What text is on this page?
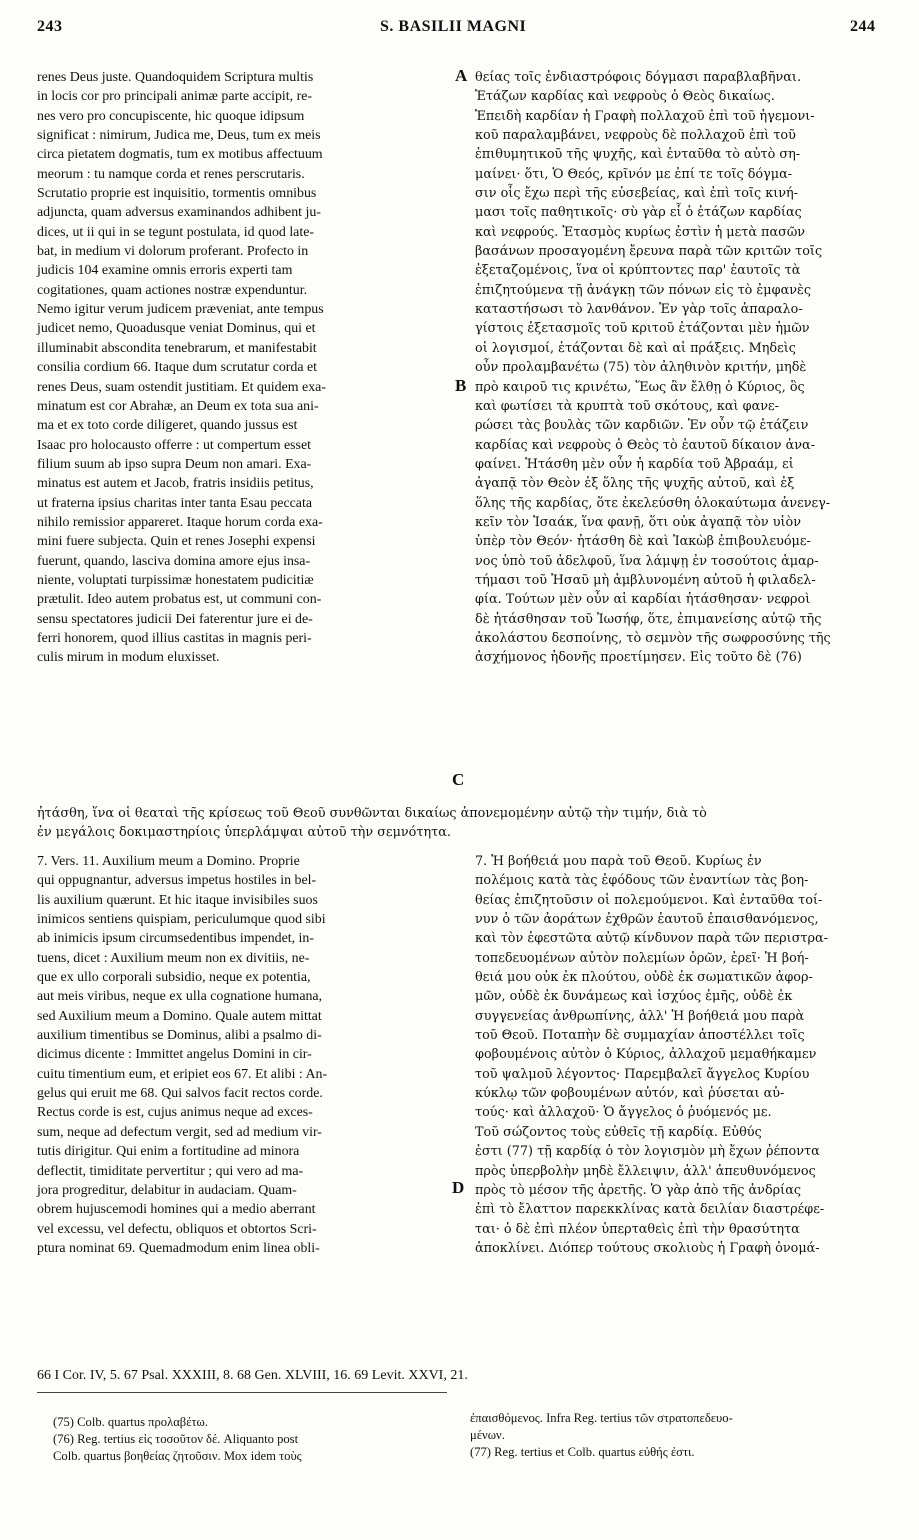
243	S. BASILII MAGNI	244
renes Deus juste. Quandoquidem Scriptura multis
in locis cor pro principali animæ parte accipit, re-
nes vero pro concupiscente, hic quoque idipsum
significat : nimirum, Judica me, Deus, tum ex meis
circa pietatem dogmatis, tum ex motibus affectuum
meorum : tu namque corda et renes perscrutaris.
Scrutatio proprie est inquisitio, tormentis omnibus
adjuncta, quam adversus examinandos adhibent ju-
dices, ut ii qui in se tegunt postulata, id quod late-
bat, in medium vi dolorum proferant. Profecto in
judicis 104 examine omnis erroris experti tam
cogitationes, quam actiones nostræ expenduntur.
Nemo igitur verum judicem præveniat, ante tempus
judicet nemo, Quoadusque veniat Dominus, qui et
illuminabit abscondita tenebrarum, et manifestabit
consilia cordium 66. Itaque dum scrutatur corda et
renes Deus, suam ostendit justitiam. Et quidem exa-
minatum est cor Abrahæ, an Deum ex tota sua ani-
ma et ex toto corde diligeret, quando jussus est
Isaac pro holocausto offerre : ut compertum esset
filium suum ab ipso supra Deum non amari. Exa-
minatus est autem et Jacob, fratris insidiis petitus,
ut fraterna ipsius charitas inter tanta Esau peccata
nihilo remissior appareret. Itaque horum corda exa-
mini fuere subjecta. Quin et renes Josephi expensi
fuerunt, quando, lasciva domina amore ejus insa-
niente, voluptati turpissimæ honestatem pudicitiæ
prætulit. Ideo autem probatus est, ut communi con-
sensu spectatores judicii Dei faterentur jure ei de-
ferri honorem, quod illius castitas in magnis peri-
culis mirum in modum eluxisset.
θείας τοῖς ἐνδιαστρόφοις δόγμασι παραβλαβῆναι.
Ἐτάζων καρδίας καὶ νεφροὺς ὁ Θεὸς δικαίως.
Ἐπειδὴ καρδίαν ἡ Γραφὴ πολλαχοῦ ἐπὶ τοῦ ἡγεμονι-
κοῦ παραλαμβάνει, νεφροὺς δὲ πολλαχοῦ ἐπὶ τοῦ
ἐπιθυμητικοῦ τῆς ψυχῆς, καὶ ἐνταῦθα τὸ αὐτὸ ση-
μαίνει· ὅτι, Ὁ Θεός, κρῖνόν με ἐπί τε τοῖς δόγμα-
σιν οἷς ἔχω περὶ τῆς εὐσεβείας, καὶ ἐπὶ τοῖς κινή-
μασι τοῖς παθητικοῖς· σὺ γὰρ εἶ ὁ ἐτάζων καρδίας
καὶ νεφρούς. Ἐτασμὸς κυρίως ἐστὶν ἡ μετὰ πασῶν
βασάνων προσαγομένη ἔρευνα παρὰ τῶν κριτῶν τοῖς
ἐξεταζομένοις, ἵνα οἱ κρύπτοντες παρ' ἑαυτοῖς τὰ
ἐπιζητούμενα τῇ ἀνάγκῃ τῶν πόνων εἰς τὸ ἐμφανὲς
καταστήσωσι τὸ λανθάνον. Ἐν γὰρ τοῖς ἀπαραλο-
γίστοις ἐξετασμοῖς τοῦ κριτοῦ ἐτάζονται μὲν ἡμῶν
οἱ λογισμοί, ἐτάζονται δὲ καὶ αἱ πράξεις. Μηδεὶς
οὖν προλαμβανέτω (75) τὸν ἀληθινὸν κριτήν, μηδὲ
πρὸ καιροῦ τις κρινέτω, Ἕως ἂν ἔλθῃ ὁ Κύριος, ὃς
καὶ φωτίσει τὰ κρυπτὰ τοῦ σκότους, καὶ φανε-
ρώσει τὰς βουλὰς τῶν καρδιῶν. Ἐν οὖν τῷ ἐτάζειν
καρδίας καὶ νεφροὺς ὁ Θεὸς τὸ ἑαυτοῦ δίκαιον ἀνα-
φαίνει. Ἠτάσθη μὲν οὖν ἡ καρδία τοῦ Ἀβραάμ, εἰ
ἀγαπᾷ τὸν Θεὸν ἐξ ὅλης τῆς ψυχῆς αὐτοῦ, καὶ ἐξ
ὅλης τῆς καρδίας, ὅτε ἐκελεύσθη ὁλοκαύτωμα ἀνενεγ-
κεῖν τὸν Ἰσαάκ, ἵνα φανῇ, ὅτι οὐκ ἀγαπᾷ τὸν υἱὸν
ὑπὲρ τὸν Θεόν· ἠτάσθη δὲ καὶ Ἰακὼβ ἐπιβουλευόμε-
νος ὑπὸ τοῦ ἀδελφοῦ, ἵνα λάμψῃ ἐν τοσούτοις ἁμαρ-
τήμασι τοῦ Ἠσαῦ μὴ ἀμβλυνομένη αὐτοῦ ἡ φιλαδελ-
φία. Τούτων μὲν οὖν αἱ καρδίαι ἠτάσθησαν· νεφροὶ
δὲ ἠτάσθησαν τοῦ Ἰωσήφ, ὅτε, ἐπιμανείσης αὐτῷ τῆς
ἀκολάστου δεσποίνης, τὸ σεμνὸν τῆς σωφροσύνης τῆς
ἀσχήμονος ἡδονῆς προετίμησεν. Εἰς τοῦτο δὲ (76)
ἠτάσθη, ἵνα οἱ θεαταὶ τῆς κρίσεως τοῦ Θεοῦ συνθῶνται δικαίως ἀπονεμομένην αὐτῷ τὴν τιμήν, διὰ τὸ
ἐν μεγάλοις δοκιμαστηρίοις ὑπερλάμψαι αὐτοῦ τὴν σεμνότητα.
7. Vers. 11. Auxilium meum a Domino. Proprie
qui oppugnantur, adversus impetus hostiles in bel-
lis auxilium quærunt. Et hic itaque invisibiles suos
inimicos sentiens quispiam, periculumque quod sibi
ab inimicis ipsum circumsedentibus impendet, in-
tuens, dicet : Auxilium meum non ex divitiis, ne-
que ex ullo corporali subsidio, neque ex potentia,
aut meis viribus, neque ex ulla cognatione humana,
sed Auxilium meum a Domino. Quale autem mittat
auxilium timentibus se Dominus, alibi a psalmo di-
dicimus dicente : Immittet angelus Domini in cir-
cuitu timentium eum, et eripiet eos 67. Et alibi : An-
gelus qui eruit me 68. Qui salvos facit rectos corde.
Rectus corde is est, cujus animus neque ad exces-
sum, neque ad defectum vergit, sed ad medium vir-
tutis dirigitur. Qui enim a fortitudine ad minora
deflectit, timiditate pervertitur ; qui vero ad ma-
jora progreditur, delabitur in audaciam. Quam-
obrem hujuscemodi homines qui a medio aberrant
vel excessu, vel defectu, obliquos et obtortos Scri-
ptura nominat 69. Quemadmodum enim linea obli-
7. Ἡ βοήθειά μου παρὰ τοῦ Θεοῦ. Κυρίως ἐν
πολέμοις κατὰ τὰς ἐφόδους τῶν ἐναντίων τὰς βοη-
θείας ἐπιζητοῦσιν οἱ πολεμούμενοι. Καὶ ἐνταῦθα τοί-
νυν ὁ τῶν ἀοράτων ἐχθρῶν ἑαυτοῦ ἐπαισθανόμενος,
καὶ τὸν ἐφεστῶτα αὐτῷ κίνδυνον παρὰ τῶν περιστρα-
τοπεδευομένων αὐτὸν πολεμίων ὁρῶν, ἐρεῖ· Ἡ βοή-
θειά μου οὐκ ἐκ πλούτου, οὐδὲ ἐκ σωματικῶν ἀφορ-
μῶν, οὐδὲ ἐκ δυνάμεως καὶ ἰσχύος ἐμῆς, οὐδὲ ἐκ
συγγενείας ἀνθρωπίνης, ἀλλ' Ἡ βοήθειά μου παρὰ
τοῦ Θεοῦ. Ποταπὴν δὲ συμμαχίαν ἀποστέλλει τοῖς
φοβουμένοις αὐτὸν ὁ Κύριος, ἀλλαχοῦ μεμαθήκαμεν
τοῦ ψαλμοῦ λέγοντος· Παρεμβαλεῖ ἄγγελος Κυρίου
κύκλῳ τῶν φοβουμένων αὐτόν, καὶ ῥύσεται αὐ-
τούς· καὶ ἀλλαχοῦ· Ὁ ἄγγελος ὁ ῥυόμενός με.
Τοῦ σώζοντος τοὺς εὐθεῖς τῇ καρδίᾳ. Εὐθύς
ἐστι (77) τῇ καρδίᾳ ὁ τὸν λογισμὸν μὴ ἔχων ῥέποντα
πρὸς ὑπερβολὴν μηδὲ ἔλλειψιν, ἀλλ' ἀπευθυνόμενος
πρὸς τὸ μέσον τῆς ἀρετῆς. Ὁ γὰρ ἀπὸ τῆς ἀνδρίας
ἐπὶ τὸ ἔλαττον παρεκκλίνας κατὰ δειλίαν διαστρέφε-
ται· ὁ δὲ ἐπὶ πλέον ὑπερταθεὶς ἐπὶ τὴν θρασύτητα
ἀποκλίνει. Διόπερ τούτους σκολιοὺς ἡ Γραφὴ ὀνομά-
A
B
C
D
66 I Cor. IV, 5. 67 Psal. XXXIII, 8. 68 Gen. XLVIII, 16. 69 Levit. XXVI, 21.
(75) Colb. quartus προλαβέτω.
(76) Reg. tertius εἰς τοσοῦτον δέ. Aliquanto post
Colb. quartus βοηθείας ζητοῦσιν. Mox idem τοὺς
ἐπαισθόμενος. Infra Reg. tertius τῶν στρατοπεδευο-
μένων.
(77) Reg. tertius et Colb. quartus εὐθής ἐστι.
